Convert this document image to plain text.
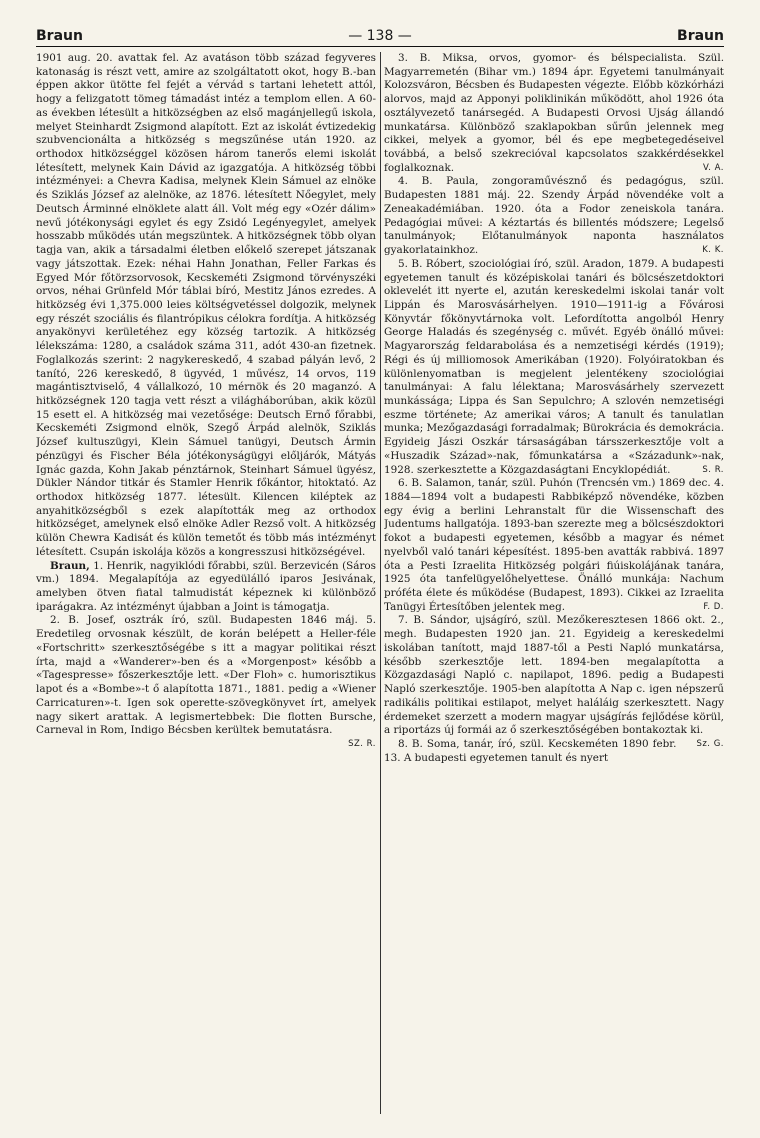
Braun	— 138 —	Braun

1901 aug. 20. avattak fel. Az avatáson több század fegyveres katonaság is részt vett, amire az szolgáltatott okot, hogy B.-ban éppen akkor ütötte fel fejét a vérvád s tartani lehetett attól, hogy a felizgatott tömeg támadást intéz a templom ellen. A 60-as években létesült a hitközségben az első magánjellegű iskola, melyet Steinhardt Zsigmond alapított. Ezt az iskolát évtizedekig szubvencionálta a hitközség s megszűnése után 1920. az orthodox hitközséggel közösen három tanerős elemi iskolát létesített, melynek Kain Dávid az igazgatója. A hitközség többi intézményei: a Chevra Kadisa, melynek Klein Sámuel az elnöke és Sziklás József az alelnöke, az 1876. létesített Nőegylet, mely Deutsch Árminné elnöklete alatt áll. Volt még egy «Ozér dálim» nevű jótékonysági egylet és egy Zsidó Legényegylet, amelyek hosszabb működés után megszüntek. A hitközségnek több olyan tagja van, akik a társadalmi életben előkelő szerepet játszanak vagy játszottak. Ezek: néhai Hahn Jonathan, Feller Farkas és Egyed Mór főtörzsorvosok, Kecskeméti Zsigmond törvényszéki orvos, néhai Grünfeld Mór táblai bíró, Mestitz János ezredes. A hitközség évi 1,375.000 leies költségvetéssel dolgozik, melynek egy részét szociális és filantrópikus célokra fordítja. A hitközség anyakönyvi kerületéhez egy község tartozik. A hitközség lélekszáma: 1280, a családok száma 311, adót 430-an fizetnek. Foglalkozás szerint: 2 nagykereskedő, 4 szabad pályán levő, 2 tanító, 226 kereskedő, 8 ügyvéd, 1 művész, 14 orvos, 119 magántisztviselő, 4 vállalkozó, 10 mérnök és 20 maganzó. A hitközségnek 120 tagja vett részt a világháborúban, akik közül 15 esett el. A hitközség mai vezetősége: Deutsch Ernő főrabbi, Kecskeméti Zsigmond elnök, Szegő Árpád alelnök, Sziklás József kultuszügyi, Klein Sámuel tanügyi, Deutsch Ármin pénzügyi és Fischer Béla jótékonyságügyi előljárók, Mátyás Ignác gazda, Kohn Jakab pénztárnok, Steinhart Sámuel ügyész, Dükler Nándor titkár és Stamler Henrik főkántor, hitoktató. Az orthodox hitközség 1877. létesült. Kilencen kiléptek az anyahitközségből s ezek alapították meg az orthodox hitközséget, amelynek első elnöke Adler Rezső volt. A hitközség külön Chewra Kadisát és külön temetőt és több más intézményt létesített. Csupán iskolája közös a kongresszusi hitközségével.

Braun, 1. Henrik, nagyiklódi főrabbi, szül. Berzevicén (Sáros vm.) 1894. Megalapítója az egyedülálló iparos Jesivának, amelyben ötven fiatal talmudistát képeznek ki különböző iparágakra. Az intézményt újabban a Joint is támogatja.

2. B. Josef, osztrák író, szül. Budapesten 1846 máj. 5. Eredetileg orvosnak készült, de korán belépett a Heller-féle «Fortschritt» szerkesztőségébe s itt a magyar politikai részt írta, majd a «Wanderer»-ben és a «Morgenpost» később a «Tagespresse» főszerkesztője lett. «Der Floh» c. humorisztikus lapot és a «Bombe»-t ő alapította 1871., 1881. pedig a «Wiener Carricaturen»-t. Igen sok operette-szövegkönyvet írt, amelyek nagy sikert arattak. A legismertebbek: Die flotten Bursche, Carneval in Rom, Indigo Bécsben kerültek bemutatásra.
SZ. R.

3. B. Miksa, orvos, gyomor- és bélspecialista. Szül. Magyarremetén (Bihar vm.) 1894 ápr. Egyetemi tanulmányait Kolozsváron, Bécsben és Budapesten végezte. Előbb közkórházi alorvos, majd az Apponyi poliklinikán működött, ahol 1926 óta osztályvezető tanársegéd. A Budapesti Orvosi Ujság állandó munkatársa. Különböző szaklapokban sűrűn jelennek meg cikkei, melyek a gyomor, bél és epe megbetegedéseivel továbbá, a belső szekrecióval kapcsolatos szakkérdésekkel foglalkoznak.	V. A.

4. B. Paula, zongoraművésznő és pedagógus, szül. Budapesten 1881 máj. 22. Szendy Árpád növendéke volt a Zeneakadémiában. 1920. óta a Fodor zeneiskola tanára. Pedagógiai művei: A kéztartás és billentés módszere; Legelső tanulmányok; Előtanulmányok naponta használatos gyakorlatainkhoz.	K. K.

5. B. Róbert, szociológiai író, szül. Aradon, 1879. A budapesti egyetemen tanult és középiskolai tanári és bölcsészetdoktori oklevelét itt nyerte el, azután kereskedelmi iskolai tanár volt Lippán és Marosvásárhelyen. 1910—1911-ig a Fővárosi Könyvtár főkönyvtárnoka volt. Lefordította angolból Henry George Haladás és szegénység c. művét. Egyéb önálló művei: Magyarország feldarabolása és a nemzetiségi kérdés (1919); Régi és új milliomosok Amerikában (1920). Folyóiratokban és különlenyomatban is megjelent jelentékeny szociológiai tanulmányai: A falu lélektana; Marosvásárhely szervezett munkássága; Lippa és San Sepulchro; A szlovén nemzetiségi eszme története; Az amerikai város; A tanult és tanulatlan munka; Mezőgazdasági forradalmak; Bürokrácia és demokrácia. Egyideig Jászi Oszkár társaságában társszerkesztője volt a «Huszadik Század»-nak, főmunkatársa a «Századunk»-nak, 1928. szerkesztette a Közgazdaságtani Encyklopédiát.	S. R.

6. B. Salamon, tanár, szül. Puhón (Trencsén vm.) 1869 dec. 4. 1884—1894 volt a budapesti Rabbiképző növendéke, közben egy évig a berlini Lehranstalt für die Wissenschaft des Judentums hallgatója. 1893-ban szerezte meg a bölcsészdoktori fokot a budapesti egyetemen, később a magyar és német nyelvből való tanári képesítést. 1895-ben avatták rabbivá. 1897 óta a Pesti Izraelita Hitközség polgári fiúiskolájának tanára, 1925 óta tanfelügyelőhelyettese. Önálló munkája: Nachum próféta élete és működése (Budapest, 1893). Cikkei az Izraelita Tanügyi Értesítőben jelentek meg.	F. D.

7. B. Sándor, ujságíró, szül. Mezőkeresztesen 1866 okt. 2., megh. Budapesten 1920 jan. 21. Egyideig a kereskedelmi iskolában tanított, majd 1887-től a Pesti Napló munkatársa, később szerkesztője lett. 1894-ben megalapította a Közgazdasági Napló c. napilapot, 1896. pedig a Budapesti Napló szerkesztője. 1905-ben alapította A Nap c. igen népszerű radikális politikai estilapot, melyet haláláig szerkesztett. Nagy érdemeket szerzett a modern magyar ujságírás fejlődése körül, a riportázs új formái az ő szerkesztőségében bontakoztak ki.
Sz. G.

8. B. Soma, tanár, író, szül. Kecskeméten 1890 febr. 13. A budapesti egyetemen tanult és nyert
